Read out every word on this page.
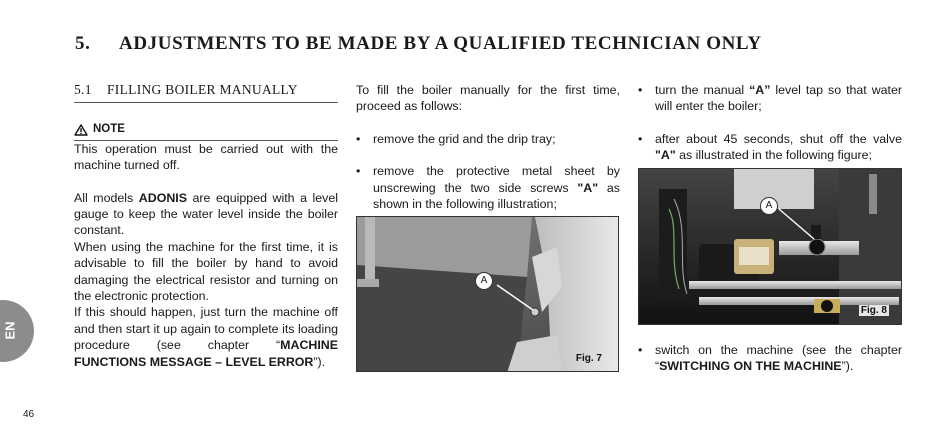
5. ADJUSTMENTS TO BE MADE BY A QUALIFIED TECHNICIAN ONLY
5.1 FILLING BOILER MANUALLY
NOTE

This operation must be carried out with the machine turned off.

All models ADONIS are equipped with a level gauge to keep the water level inside the boiler constant.

When using the machine for the first time, it is advisable to fill the boiler by hand to avoid damaging the electrical resistor and turning on the electronic protection.

If this should happen, just turn the machine off and then start it up again to complete its loading procedure (see chapter “MACHINE FUNCTIONS MESSAGE – LEVEL ERROR”).

To fill the boiler manually for the first time, proceed as follows:

• remove the grid and the drip tray;

• remove the protective metal sheet by unscrewing the two side screws "A" as shown in the following illustration;

A
Fig. 7
• turn the manual “A” level tap so that water will enter the boiler;

• after about 45 seconds, shut off the valve "A" as illustrated in the following figure;

A
Fig. 8
• switch on the machine (see the chapter “SWITCHING ON THE MACHINE”).

EN
46
